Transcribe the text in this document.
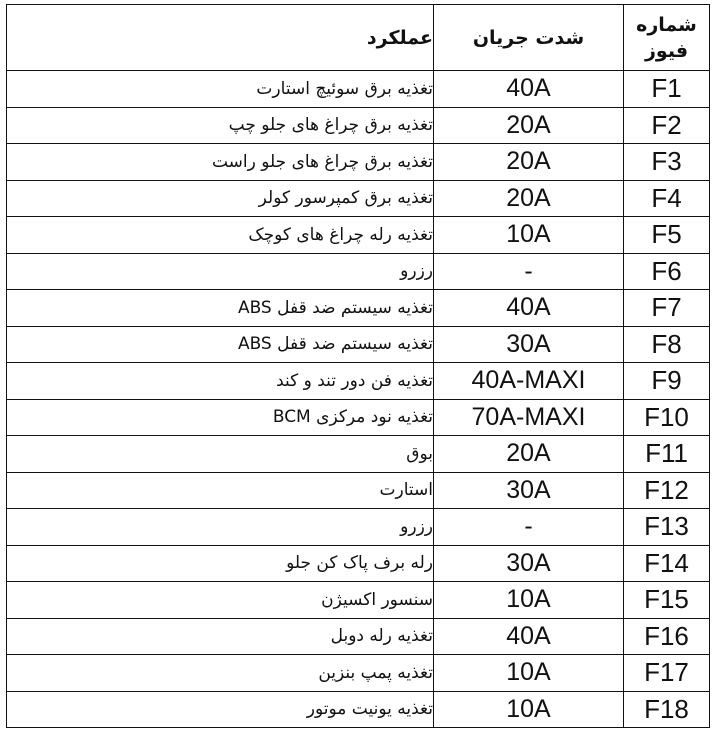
عملکرد	شدت جریان	شماره
فیوز

تغذیه برق سوئیچ استارت	40A	F1
تغذیه برق چراغ های جلو چپ	20A	F2
تغذیه برق چراغ های جلو راست	20A	F3
تغذیه برق کمپرسور کولر	20A	F4
تغذیه رله چراغ های کوچک	10A	F5
رزرو	-	F6
تغذیه سیستم ضد قفل ABS	40A	F7
تغذیه سیستم ضد قفل ABS	30A	F8
تغذیه فن دور تند و کند	40A-MAXI	F9
تغذیه نود مرکزی BCM	70A-MAXI	F10
بوق	20A	F11
استارت	30A	F12
رزرو	-	F13
رله برف پاک کن جلو	30A	F14
سنسور اکسیژن	10A	F15
تغذیه رله دوبل	40A	F16
تغذیه پمپ بنزین	10A	F17
تغذیه یونیت موتور	10A	F18
